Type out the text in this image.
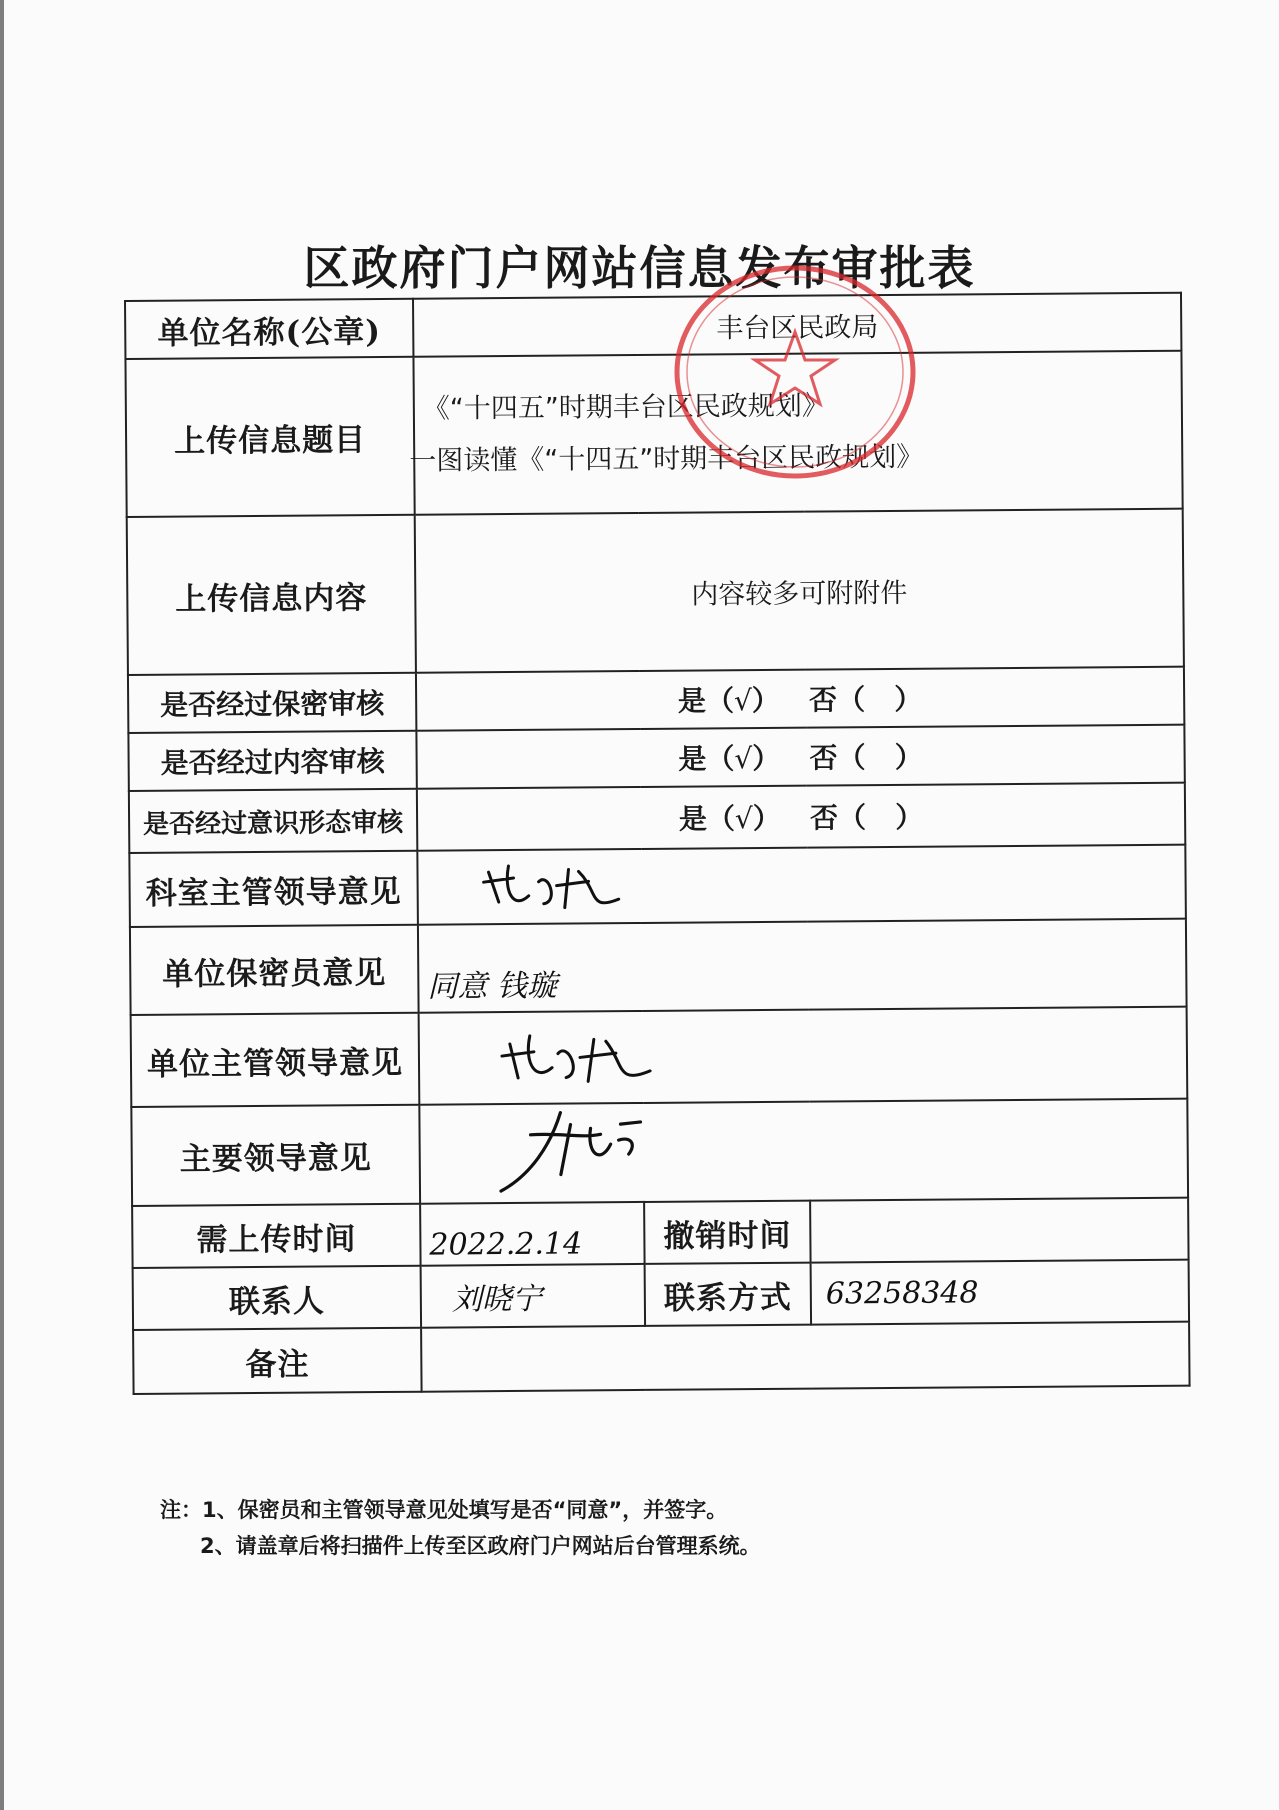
区政府门户网站信息发布审批表
单位名称(公章)	丰台区民政局		
上传信息题目	《“十四五”时期丰台区民政规划》
一图读懂《“十四五”时期丰台区民政规划》		

上传信息内容	内容较多可附附件		
是否经过保密审核	是（√）   否（   ）		
是否经过内容审核	是（√）   否（   ）		
是否经过意识形态审核	是（√）   否（   ）		
科室主管领导意见	
单位保密员意见	同意 钱璇		
单位主管领导意见	
主要领导意见	
需上传时间	2022.2.14	撤销时间	
联系人	刘晓宁	联系方式	63258348
备注			
注：1、保密员和主管领导意见处填写是否“同意”，并签字。
2、请盖章后将扫描件上传至区政府门户网站后台管理系统。
